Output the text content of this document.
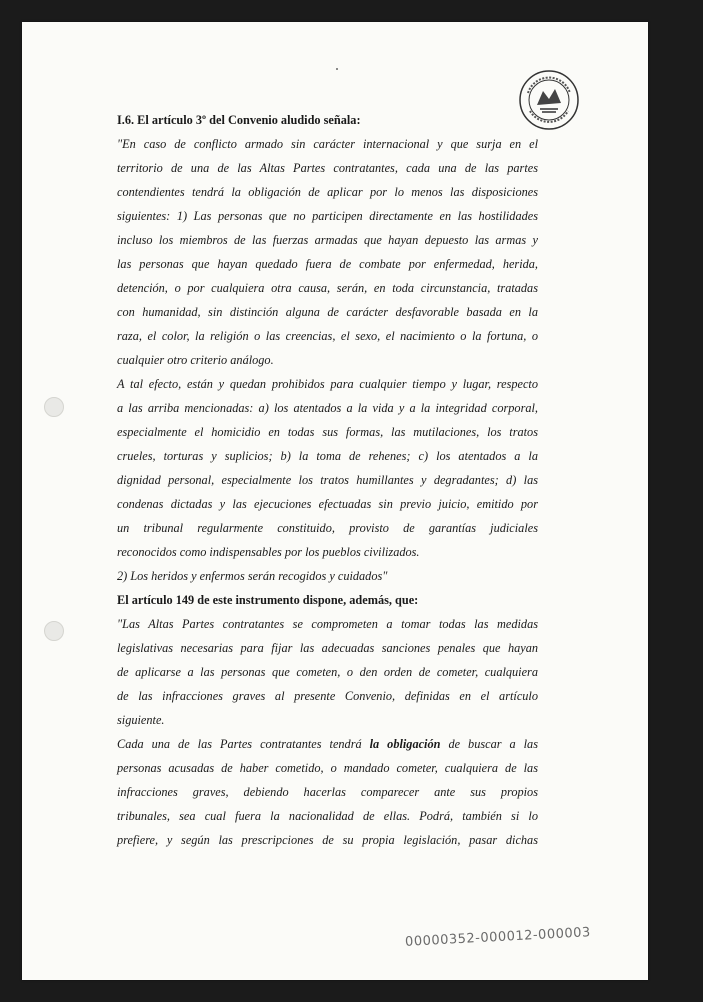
I.6. El artículo 3º del Convenio aludido señala:
"En caso de conflicto armado sin carácter internacional y que surja en el
territorio de una de las Altas Partes contratantes, cada una de las partes
contendientes tendrá la obligación de aplicar por lo menos las disposiciones
siguientes: 1) Las personas que no participen directamente en las hostilidades
incluso los miembros de las fuerzas armadas que hayan depuesto las armas y
las personas que hayan quedado fuera de combate por enfermedad, herida,
detención, o por cualquiera otra causa, serán, en toda circunstancia, tratadas
con humanidad, sin distinción alguna de carácter desfavorable basada en la
raza, el color, la religión o las creencias, el sexo, el nacimiento o la fortuna, o
cualquier otro criterio análogo.
A tal efecto, están y quedan prohibidos para cualquier tiempo y lugar, respecto
a las arriba mencionadas: a) los atentados a la vida y a la integridad corporal,
especialmente el homicidio en todas sus formas, las mutilaciones, los tratos
crueles, torturas y suplicios; b) la toma de rehenes; c) los atentados a la
dignidad personal, especialmente los tratos humillantes y degradantes; d) las
condenas dictadas y las ejecuciones efectuadas sin previo juicio, emitido por
un tribunal regularmente constituido, provisto de garantías judiciales
reconocidos como indispensables por los pueblos civilizados.
2) Los heridos y enfermos serán recogidos y cuidados"
El artículo 149 de este instrumento dispone, además, que:
"Las Altas Partes contratantes se comprometen a tomar todas las medidas
legislativas necesarias para fijar las adecuadas sanciones penales que hayan
de aplicarse a las personas que cometen, o den orden de cometer, cualquiera
de las infracciones graves al presente Convenio, definidas en el artículo
siguiente.
Cada una de las Partes contratantes tendrá la obligación de buscar a las
personas acusadas de haber cometido, o mandado cometer, cualquiera de las
infracciones graves, debiendo hacerlas comparecer ante sus propios
tribunales, sea cual fuera la nacionalidad de ellas. Podrá, también si lo
prefiere, y según las prescripciones de su propia legislación, pasar dichas
00000352-000012-000003
